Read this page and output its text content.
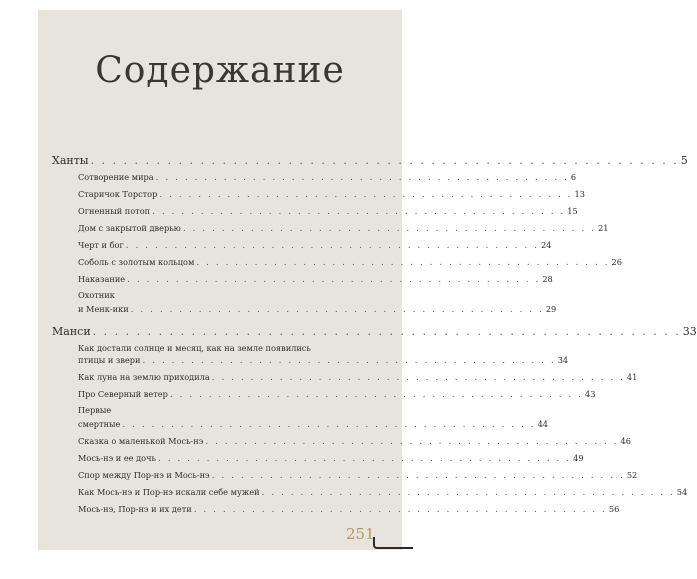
Содержание
Ханты . . . . . . . . . . . . . . . . . . . . . . . . . . . . . . . . . . . . . . . . . . . . . . . . . . . . . . 5
Сотворение мира . . . . . . . . . . . . . . . . . . . . . . . . . . . . . . . . . . . . . . . . . . . 6
Старичок Торстор . . . . . . . . . . . . . . . . . . . . . . . . . . . . . . . . . . . . . . . . . . . 13
Огненный потоп . . . . . . . . . . . . . . . . . . . . . . . . . . . . . . . . . . . . . . . . . . . 15
Дом с закрытой дверью . . . . . . . . . . . . . . . . . . . . . . . . . . . . . . . . . . . . . . . . . . . 21
Черт и бог . . . . . . . . . . . . . . . . . . . . . . . . . . . . . . . . . . . . . . . . . . . 24
Соболь с золотым кольцом . . . . . . . . . . . . . . . . . . . . . . . . . . . . . . . . . . . . . . . . . . . 26
Наказание . . . . . . . . . . . . . . . . . . . . . . . . . . . . . . . . . . . . . . . . . . . 28
Охотник
и Менк-ики . . . . . . . . . . . . . . . . . . . . . . . . . . . . . . . . . . . . . . . . . . . 29
Манси . . . . . . . . . . . . . . . . . . . . . . . . . . . . . . . . . . . . . . . . . . . . . . . . . . . . . . 33
Как достали солнце и месяц, как на земле появились
птицы и звери . . . . . . . . . . . . . . . . . . . . . . . . . . . . . . . . . . . . . . . . . . . 34
Как луна на землю приходила . . . . . . . . . . . . . . . . . . . . . . . . . . . . . . . . . . . . . . . . . . . 41
Про Северный ветер . . . . . . . . . . . . . . . . . . . . . . . . . . . . . . . . . . . . . . . . . . . 43
Первые
смертные . . . . . . . . . . . . . . . . . . . . . . . . . . . . . . . . . . . . . . . . . . . 44
Сказка о маленькой Мось-нэ . . . . . . . . . . . . . . . . . . . . . . . . . . . . . . . . . . . . . . . . . . . 46
Мось-нэ и ее дочь . . . . . . . . . . . . . . . . . . . . . . . . . . . . . . . . . . . . . . . . . . . 49
Спор между Пор-нэ и Мось-нэ . . . . . . . . . . . . . . . . . . . . . . . . . . . . . . . . . . . . . . . . . . . 52
Как Мось-нэ и Пор-нэ искали себе мужей . . . . . . . . . . . . . . . . . . . . . . . . . . . . . . . . . . . . . . . . . . . 54
Мось-нэ, Пор-нэ и их дети . . . . . . . . . . . . . . . . . . . . . . . . . . . . . . . . . . . . . . . . . . . 56
251
